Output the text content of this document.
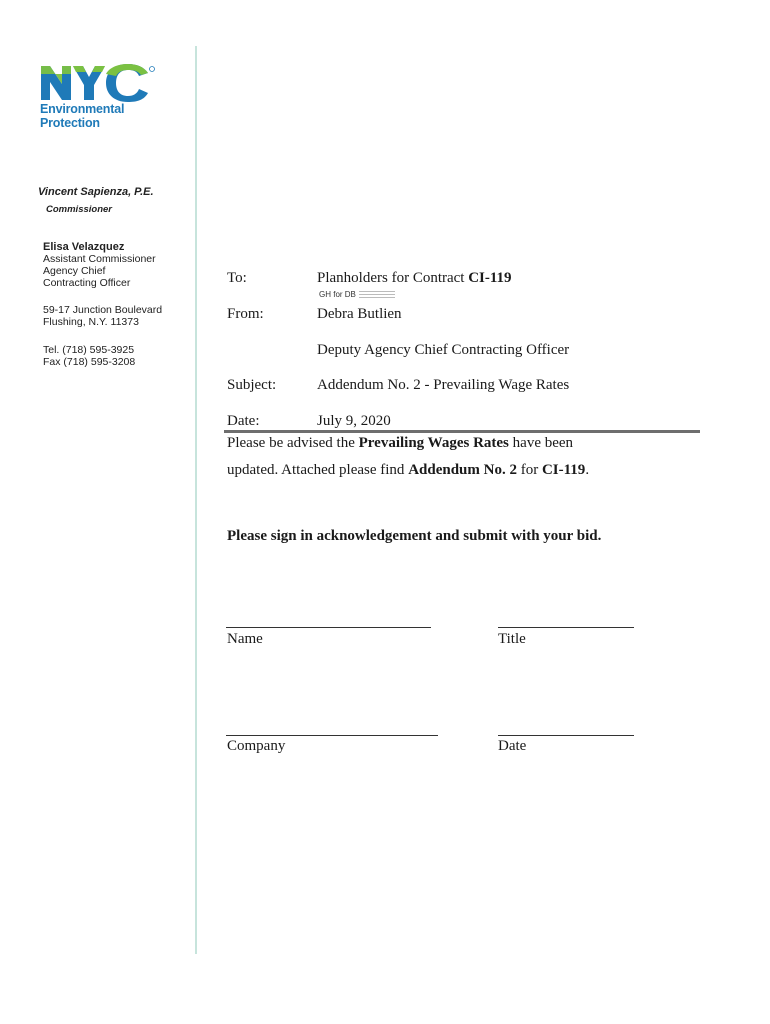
Environmental
Protection
Vincent Sapienza, P.E.
Commissioner
Elisa Velazquez
Assistant Commissioner
Agency Chief
Contracting Officer
59-17 Junction Boulevard
Flushing, N.Y. 11373
Tel. (718) 595-3925
Fax (718) 595-3208
To:	Planholders for Contract CI-119
GH for DB
From:	Debra Butlien
Deputy Agency Chief Contracting Officer
Subject:	Addendum No. 2 - Prevailing Wage Rates
Date:	July 9, 2020
Please be advised the Prevailing Wages Rates have been
updated. Attached please find Addendum No. 2 for CI-119.
Please sign in acknowledgement and submit with your bid.
Name	Title
Company	Date
